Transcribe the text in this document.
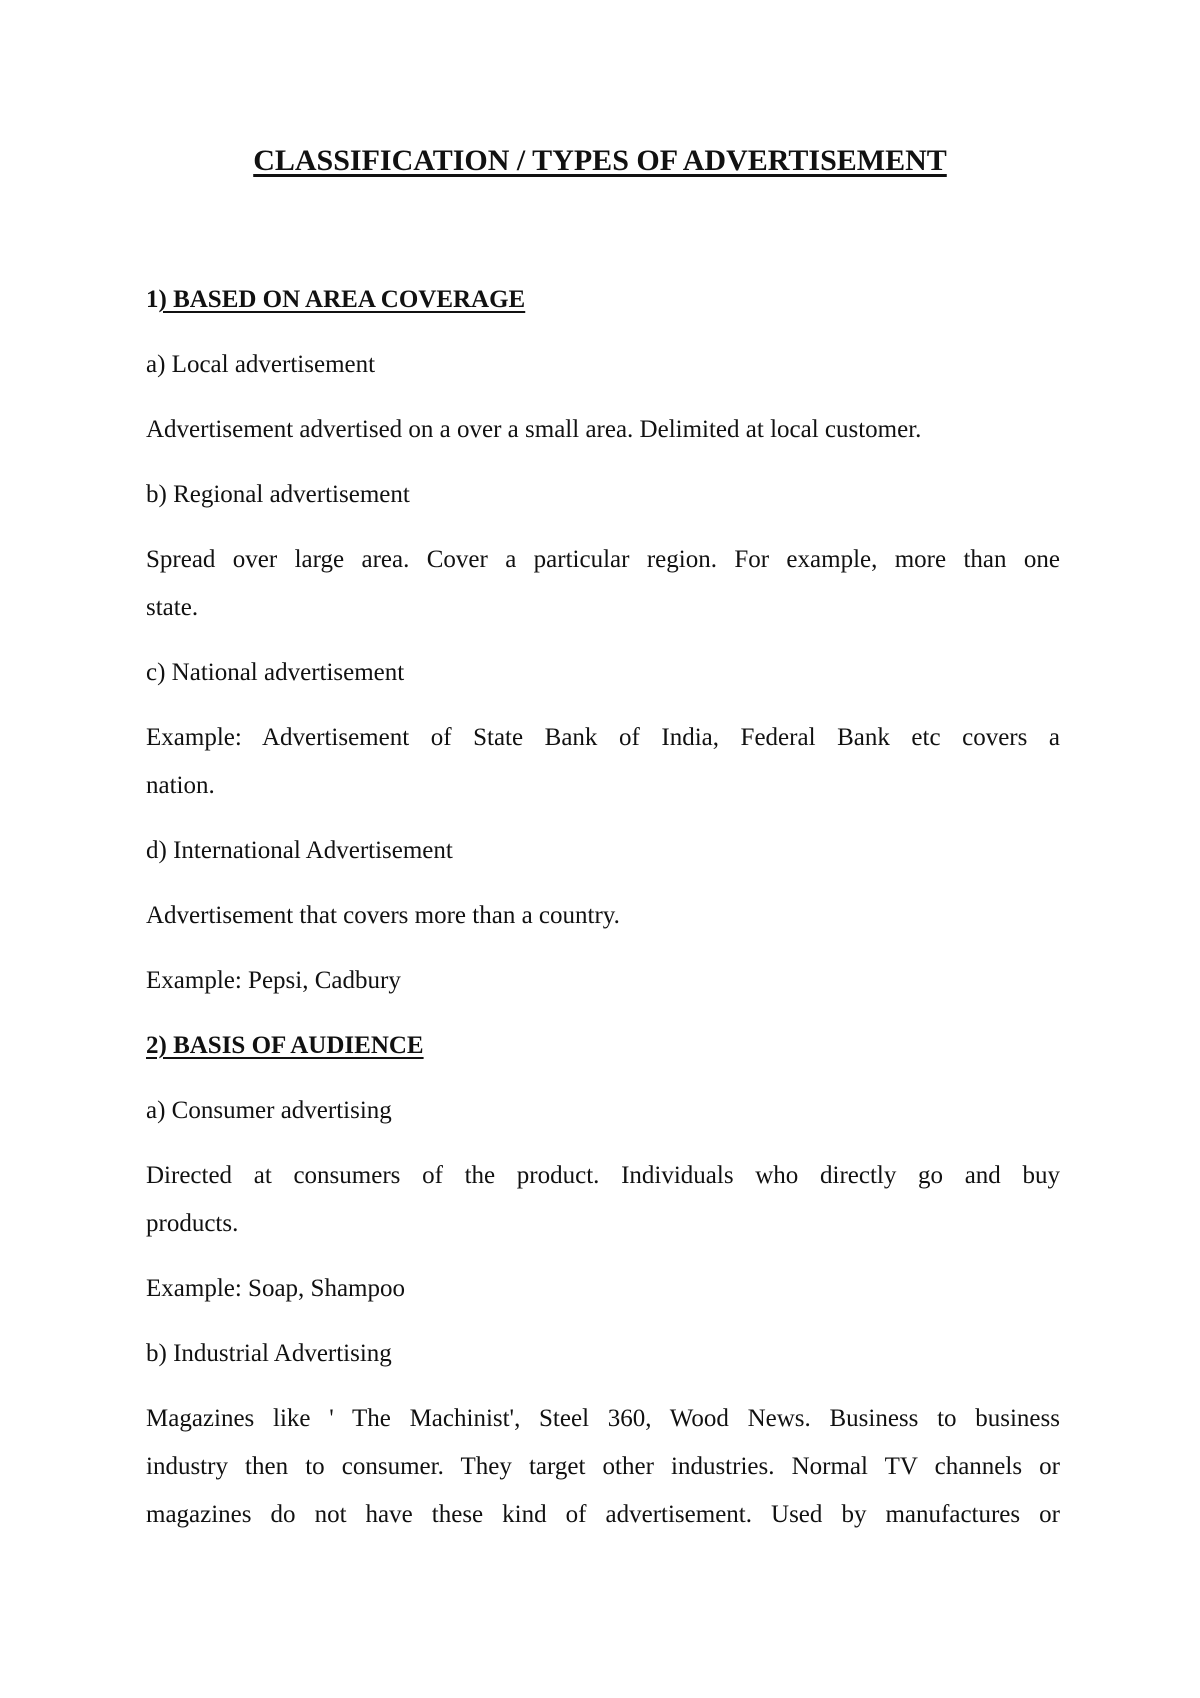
CLASSIFICATION / TYPES OF ADVERTISEMENT
1) BASED ON AREA COVERAGE
a) Local advertisement
Advertisement advertised on a over a small area. Delimited at local customer.
b) Regional advertisement
Spread over large area. Cover a particular region. For example, more than one
state.
c) National advertisement
Example: Advertisement of State Bank of India, Federal Bank etc covers a
nation.
d) International Advertisement
Advertisement that covers more than a country.
Example: Pepsi, Cadbury
2) BASIS OF AUDIENCE
a) Consumer advertising
Directed at consumers of the product. Individuals who directly go and buy
products.
Example: Soap, Shampoo
b) Industrial Advertising
Magazines like ' The Machinist', Steel 360, Wood News. Business to business
industry then to consumer. They target other industries. Normal TV channels or
magazines do not have these kind of advertisement. Used by manufactures or
